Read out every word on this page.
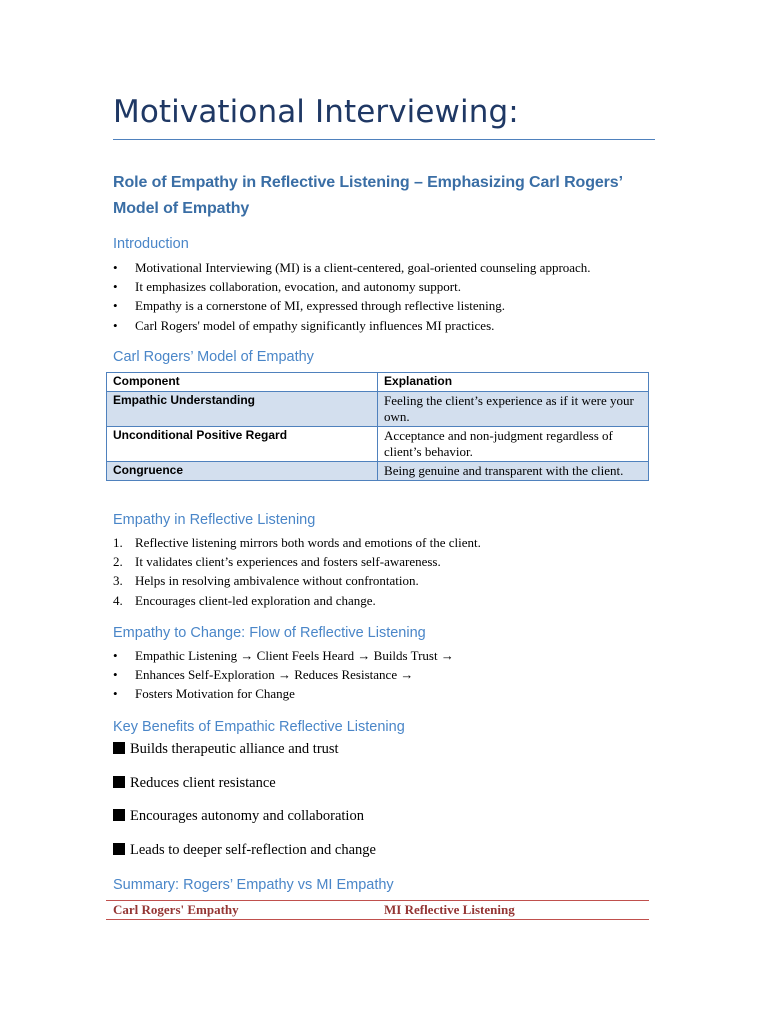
Motivational Interviewing:
Role of Empathy in Reflective Listening – Emphasizing Carl Rogers’ Model of Empathy
Introduction
•	Motivational Interviewing (MI) is a client-centered, goal-oriented counseling approach.
•	It emphasizes collaboration, evocation, and autonomy support.
•	Empathy is a cornerstone of MI, expressed through reflective listening.
•	Carl Rogers' model of empathy significantly influences MI practices.
Carl Rogers’ Model of Empathy
Component	Explanation
Empathic Understanding	Feeling the client’s experience as if it were your own.
Unconditional Positive Regard	Acceptance and non-judgment regardless of client’s behavior.
Congruence	Being genuine and transparent with the client.
Empathy in Reflective Listening
1. Reflective listening mirrors both words and emotions of the client.
2. It validates client’s experiences and fosters self-awareness.
3. Helps in resolving ambivalence without confrontation.
4. Encourages client-led exploration and change.
Empathy to Change: Flow of Reflective Listening
•	Empathic Listening → Client Feels Heard → Builds Trust →
•	Enhances Self-Exploration → Reduces Resistance →
•	Fosters Motivation for Change
Key Benefits of Empathic Reflective Listening
Builds therapeutic alliance and trust
Reduces client resistance
Encourages autonomy and collaboration
Leads to deeper self-reflection and change
Summary: Rogers’ Empathy vs MI Empathy
Carl Rogers' Empathy	MI Reflective Listening
